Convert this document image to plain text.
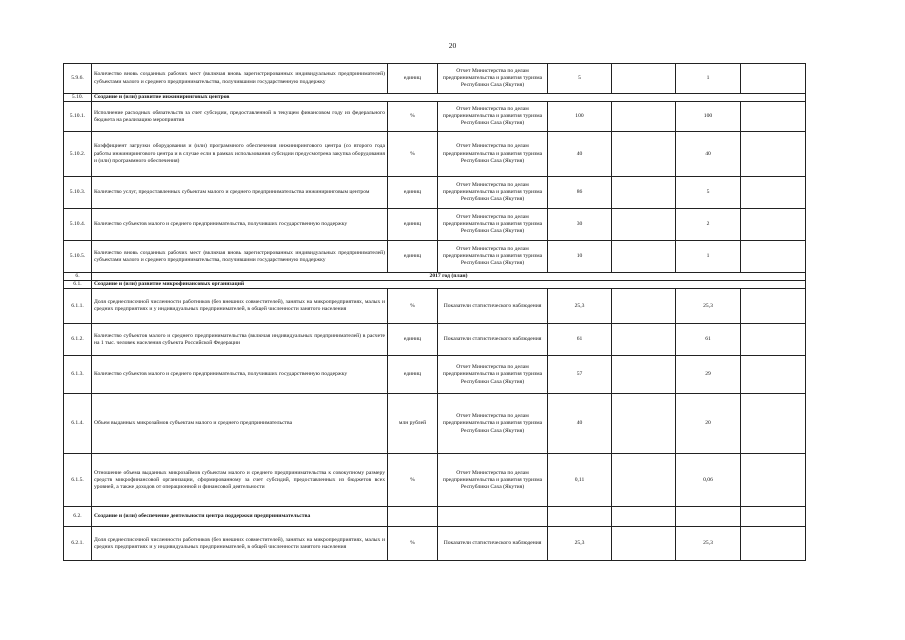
20
5.9.6.	Количество вновь созданных рабочих мест (включая вновь зарегистрированных индивидуальных предпринимателей) субъектами малого и среднего предпринимательства, получившими государственную поддержку	единиц	Отчет Министерства по делам предпринимательства и развития туризма Республики Саха (Якутия)	5		1	
5.10.	Создание и (или) развитие инжиниринговых центров						
5.10.1.	Исполнение расходных обязательств за счет субсидии, предоставленной в текущем финансовом году из федерального бюджета на реализацию мероприятия	%	Отчет Министерства по делам предпринимательства и развития туризма Республики Саха (Якутия)	100		100	
5.10.2.	Коэффициент загрузки оборудования и (или) программного обеспечения инжинирингового центра (со второго года работы инжинирингового центра и в случае если в рамках использования субсидии предусмотрена закупка оборудования и (или) программного обеспечения)	%	Отчет Министерства по делам предпринимательства и развития туризма Республики Саха (Якутия)	40		40	
5.10.3.	Количество услуг, предоставленных субъектам малого и среднего предпринимательства инжиниринговым центром	единиц	Отчет Министерства по делам предпринимательства и развития туризма Республики Саха (Якутия)	86		5	
5.10.4.	Количество субъектов малого и среднего предпринимательства, получивших государственную поддержку	единиц	Отчет Министерства по делам предпринимательства и развития туризма Республики Саха (Якутия)	30		2	
5.10.5.	Количество вновь созданных рабочих мест (включая вновь зарегистрированных индивидуальных предпринимателей) субъектами малого и среднего предпринимательства, получившими государственную поддержку	единиц	Отчет Министерства по делам предпринимательства и развития туризма Республики Саха (Якутия)	10		1	
6.	2017 год (план)						
6.1.	Создание и (или) развитие микрофинансовых организаций						
6.1.1.	Доля среднесписочной численности работников (без внешних совместителей), занятых на микропредприятиях, малых и средних предприятиях и у индивидуальных предпринимателей, в общей численности занятого населения	%	Показатели статистического наблюдения	25,3		25,3	
6.1.2.	Количество субъектов малого и среднего предпринимательства (включая индивидуальных предпринимателей) в расчете на 1 тыс. человек населения субъекта Российской Федерации	единиц	Показатели статистического наблюдения	61		61	
6.1.3.	Количество субъектов малого и среднего предпринимательства, получивших государственную поддержку	единиц	Отчет Министерства по делам предпринимательства и развития туризма Республики Саха (Якутия)	57		29	
6.1.4.	Объем выданных микрозаймов субъектам малого и среднего предпринимательства	млн рублей	Отчет Министерства по делам предпринимательства и развития туризма Республики Саха (Якутия)	40		20	
6.1.5.	Отношение объема выданных микрозаймов субъектам малого и среднего предпринимательства к совокупному размеру средств микрофинансовой организации, сформированному за счет субсидий, предоставленных из бюджетов всех уровней, а также доходов от операционной и финансовой деятельности	%	Отчет Министерства по делам предпринимательства и развития туризма Республики Саха (Якутия)	0,11		0,06	
6.2.	Создание и (или) обеспечение деятельности центра поддержки предпринимательства						
6.2.1.	Доля среднесписочной численности работников (без внешних совместителей), занятых на микропредприятиях, малых и средних предприятиях и у индивидуальных предпринимателей, в общей численности занятого населения	%	Показатели статистического наблюдения	25,3		25,3	
